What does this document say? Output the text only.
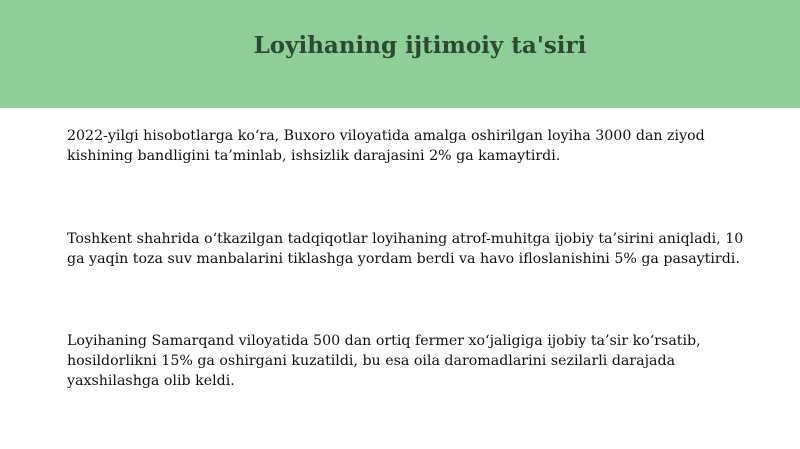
Loyihaning ijtimoiy ta'siri

2022-yilgi hisobotlarga ko‘ra, Buxoro viloyatida amalga oshirilgan loyiha 3000 dan ziyod kishining bandligini ta’minlab, ishsizlik darajasini 2% ga kamaytirdi.

Toshkent shahrida o‘tkazilgan tadqiqotlar loyihaning atrof-muhitga ijobiy ta’sirini aniqladi, 10 ga yaqin toza suv manbalarini tiklashga yordam berdi va havo ifloslanishini 5% ga pasaytirdi.

Loyihaning Samarqand viloyatida 500 dan ortiq fermer xo‘jaligiga ijobiy ta’sir ko‘rsatib, hosildorlikni 15% ga oshirgani kuzatildi, bu esa oila daromadlarini sezilarli darajada yaxshilashga olib keldi.
